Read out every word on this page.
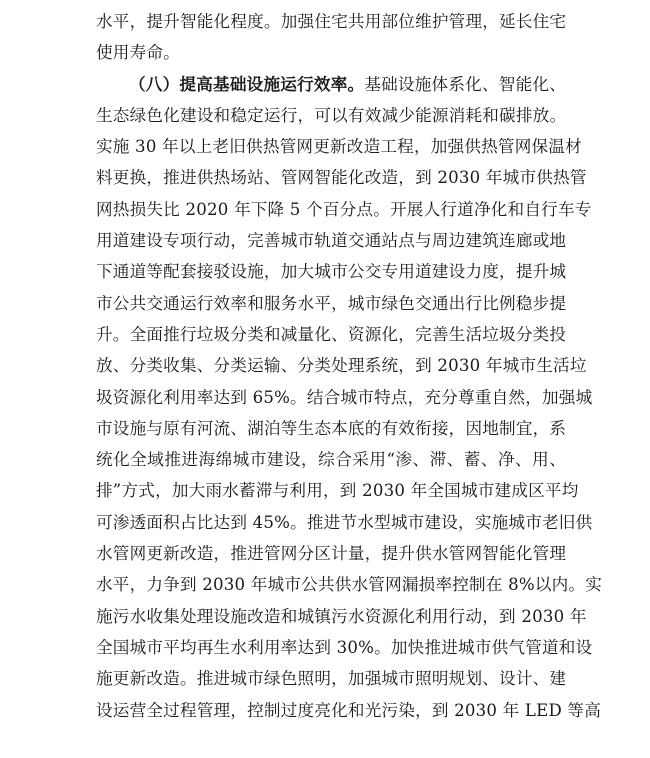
水平，提升智能化程度。加强住宅共用部位维护管理，延长住宅
使用寿命。
（八）提高基础设施运行效率。基础设施体系化、智能化、
生态绿色化建设和稳定运行，可以有效减少能源消耗和碳排放。
实施 30 年以上老旧供热管网更新改造工程，加强供热管网保温材
料更换，推进供热场站、管网智能化改造，到 2030 年城市供热管
网热损失比 2020 年下降 5 个百分点。开展人行道净化和自行车专
用道建设专项行动，完善城市轨道交通站点与周边建筑连廊或地
下通道等配套接驳设施，加大城市公交专用道建设力度，提升城
市公共交通运行效率和服务水平，城市绿色交通出行比例稳步提
升。全面推行垃圾分类和减量化、资源化，完善生活垃圾分类投
放、分类收集、分类运输、分类处理系统，到 2030 年城市生活垃
圾资源化利用率达到 65%。结合城市特点，充分尊重自然，加强城
市设施与原有河流、湖泊等生态本底的有效衔接，因地制宜，系
统化全域推进海绵城市建设，综合采用“渗、滞、蓄、净、用、
排”方式，加大雨水蓄滞与利用，到 2030 年全国城市建成区平均
可渗透面积占比达到 45%。推进节水型城市建设，实施城市老旧供
水管网更新改造，推进管网分区计量，提升供水管网智能化管理
水平，力争到 2030 年城市公共供水管网漏损率控制在 8%以内。实
施污水收集处理设施改造和城镇污水资源化利用行动，到 2030 年
全国城市平均再生水利用率达到 30%。加快推进城市供气管道和设
施更新改造。推进城市绿色照明，加强城市照明规划、设计、建
设运营全过程管理，控制过度亮化和光污染，到 2030 年 LED 等高
